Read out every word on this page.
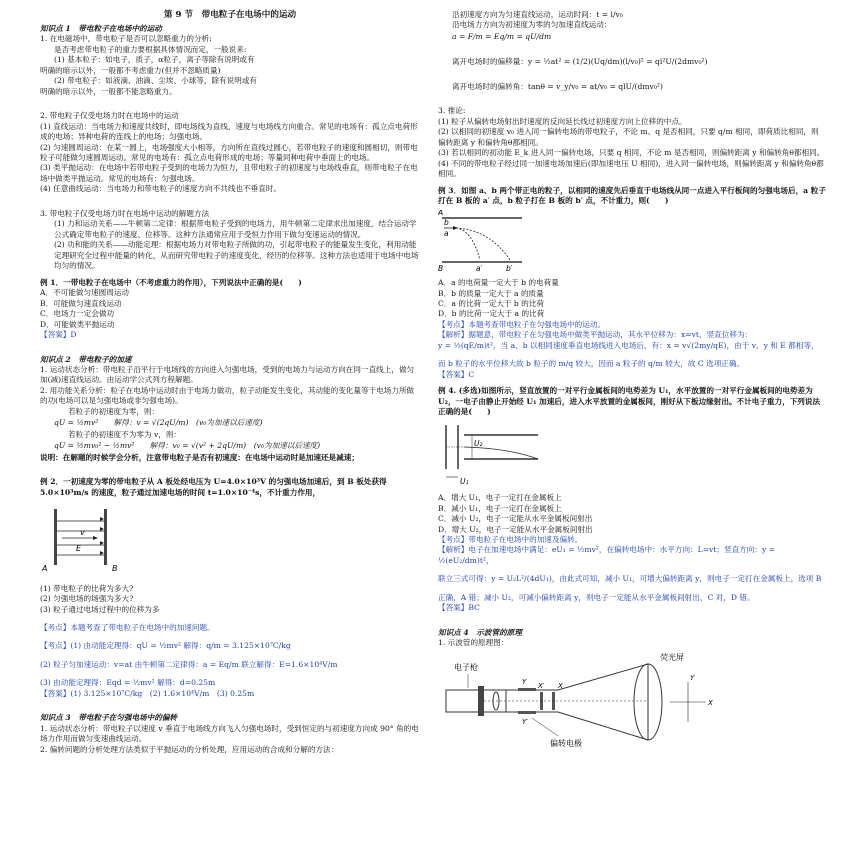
第 9 节　带电粒子在电场中的运动

知识点 1　带电粒子在电场中的运动

1. 在电磁场中，带电粒子是否可以忽略重力的分析:

是否考虑带电粒子的重力要根据具体情况而定，一般说来:

(1) 基本粒子：如电子，质子，α粒子，离子等除有说明或有

明确的暗示以外，一般都不考虑重力(但并不忽略质量)

(2) 带电粒子：如液滴、油滴、尘埃、小球等，除有说明或有

明确的暗示以外，一般都不能忽略重力。

2. 带电粒子仅受电场力时在电场中的运动

(1) 直线运动：当电场力和速度共线时，即电场线为直线，速度与电场线方向重合。常见的电场有：孤立点电荷形成的电场；异种电荷的连线上的电场；匀强电场。

(2) 匀速圆周运动：在某一圆上，电场强度大小相等，方向所在直线过圆心，若带电粒子的速度和圆相切，则带电粒子可能做匀速圆周运动。常见的电场有：孤立点电荷形成的电场；等量同种电荷中垂面上的电场。

(3) 类平抛运动：在电场中若带电粒子受到的电场力为恒力，且带电粒子的初速度与电场线垂直，则带电粒子在电场中做类平抛运动。常见的电场有：匀强电场。

(4) 任意曲线运动：当电场力和带电粒子的速度方向不共线也不垂直时。

3. 带电粒子仅受电场力时在电场中运动的解题方法

(1) 力和运动关系——牛顿第二定律：根据带电粒子受到的电场力，用牛顿第二定律求出加速度，结合运动学公式确定带电粒子的速度、位移等。这种方法通常应用于受恒力作用下做匀变速运动的情况。

(2) 功和能的关系——动能定理：根据电场力对带电粒子所做的功，引起带电粒子的能量发生变化，利用动能定理研究全过程中能量的转化，从而研究带电粒子的速度变化，经历的位移等。这种方法也适用于电场中电场均匀的情况。

例 1．一带电粒子在电场中（不考虑重力的作用），下列说法中正确的是(　　)

A．不可能做匀速圆周运动

B．可能做匀速直线运动

C．电场力一定会做功

D．可能做类平抛运动

【答案】D

知识点 2　带电粒子的加速

1. 运动状态分析：带电粒子沿平行于电场线的方向进入匀强电场，受到的电场力与运动方向在同一直线上，做匀加(减)速直线运动。由运动学公式列方程解题。

2. 用功能关系分析：粒子在电场中运动时由于电场力做功，粒子动能发生变化，其动能的变化量等于电场力所做的功(电场可以是匀强电场或非匀强电场)。

若粒子的初速度为零，则：

qU = ½mv²　　解得：v = √(2qU/m)　(v₀为加速以后速度)

若粒子的初速度不为零为 v，则：

qU = ½mv₀² − ½mv²　　解得：v₀ = √(v² + 2qU/m)　(v₀为加速以后速度)

说明：在解题的时候学会分析，注意带电粒子是否有初速度：在电场中运动时是加速还是减速；

例 2．一初速度为零的带电粒子从 A 板处经电压为 U=4.0×10³V 的匀强电场加速后，到 B 板处获得 5.0×10³m/s 的速度，粒子通过加速电场的时间 t=1.0×10⁻⁴s，不计重力作用，

A	B
E
v

(1) 带电粒子的比荷为多大?

(2) 匀强电场的场强为多大?

(3) 粒子通过电场过程中的位移为多

【考点】本题考查了带电粒子在电场中的加速问题。

【考点】(1) 由动能定理得：qU = ½mv² 解得：q/m = 3.125×10⁷C/kg

(2) 粒子匀加速运动：v=at 由牛顿第二定律得：a = Eq/m 联立解得：E=1.6×10⁴V/m

(3) 由动能定理得：Eqd = ½mv² 解得：d=0.25m

【答案】(1) 3.125×10⁷C/kg　(2) 1.6×10⁴V/m　(3) 0.25m

知识点 3　带电粒子在匀强电场中的偏转

1. 运动状态分析：带电粒子以速度 v 垂直于电场线方向飞入匀强电场时，受到恒定的与初速度方向成 90° 角的电场力作用而做匀变速曲线运动。

2. 偏转问题的分析处理方法类似于平抛运动的分析处理，应用运动的合成和分解的方法：

沿初速度方向为匀速直线运动，运动时间：t = l/v₀

沿电场力方向为初速度为零的匀加速直线运动：

a = F/m = Eq/m = qU/dm

离开电场时的偏移量：y = ½at² = (1/2)(Uq/dm)(l/v₀)² = ql²U/(2dmv₀²)

离开电场时的偏转角：tanθ = v_y/v₀ = at/v₀ = qlU/(dmv₀²)

3. 推论:

(1) 粒子从偏转电场射出时速度的反向延长线过初速度方向上位移的中点。

(2) 以相同的初速度 v₀ 进入同一偏转电场的带电粒子，不论 m、q 是否相同，只要 q/m 相同，即荷质比相同，则偏转距离 y 和偏转角θ都相同。

(3) 若以相同的初动能 E_k 进入同一偏转电场，只要 q 相同，不论 m 是否相同，则偏转距离 y 和偏转角θ都相同。

(4) 不同的带电粒子经过同一加速电场加速后(即加速电压 U 相同)，进入同一偏转电场，则偏转距离 y 和偏转角θ都相同。

例 3．如图 a、b 两个带正电的粒子，以相同的速度先后垂直于电场线从同一点进入平行板间的匀强电场后，a 粒子打在 B 板的 a′ 点，b 粒子打在 B 板的 b′ 点，不计重力，则(　　)

A
B
a
b
a′	b′

A．a 的电荷量一定大于 b 的电荷量

B．b 的质量一定大于 a 的质量

C．a 的比荷一定大于 b 的比荷

D．b 的比荷一定大于 a 的比荷

【考点】本题考查带电粒子在匀强电场中的运动。

【解析】据题意，带电粒子在匀强电场中做类平抛运动，其水平位移为：x=vt，竖直位移为：

y = ½(qE/m)t²，当 a、b 以相同速度垂直电场线进入电场后，有：x = v√(2my/qE)，由于 v、y 和 E 都相等，

而 b 粒子的水平位移大故 b 粒子的 m/q 较大，因而 a 粒子的 q/m 较大，故 C 选项正确。

【答案】C

例 4. (多选)如图所示，竖直放置的一对平行金属板间的电势差为 U₁，水平放置的一对平行金属板间的电势差为 U₂，一电子由静止开始经 U₁ 加速后，进入水平放置的金属板间，刚好从下板边缘射出。不计电子重力，下列说法正确的是(　　)

U₂
U₁

A．增大 U₁，电子一定打在金属板上

B．减小 U₁，电子一定打在金属板上

C．减小 U₂，电子一定能从水平金属板间射出

D．增大 U₂，电子一定能从水平金属板间射出

【考点】带电粒子在电场中的加速及偏转。

【解析】电子在加速电场中满足：eU₁ = ½mv²，在偏转电场中：水平方向：L=vt；竖直方向：y = ½(eU₂/dm)t²，

联立三式可得：y = U₂L²/(4dU₁)，由此式可知，减小 U₁，可增大偏转距离 y，则电子一定打在金属板上，选项 B

正确，A 错；减小 U₂，可减小偏转距离 y，则电子一定能从水平金属板间射出，C 对，D 错。

【答案】BC

知识点 4　示波管的原理

1. 示波管的原理图：

电子枪
偏转电极
荧光屏
Y
Y′
X′ X
Y
X
